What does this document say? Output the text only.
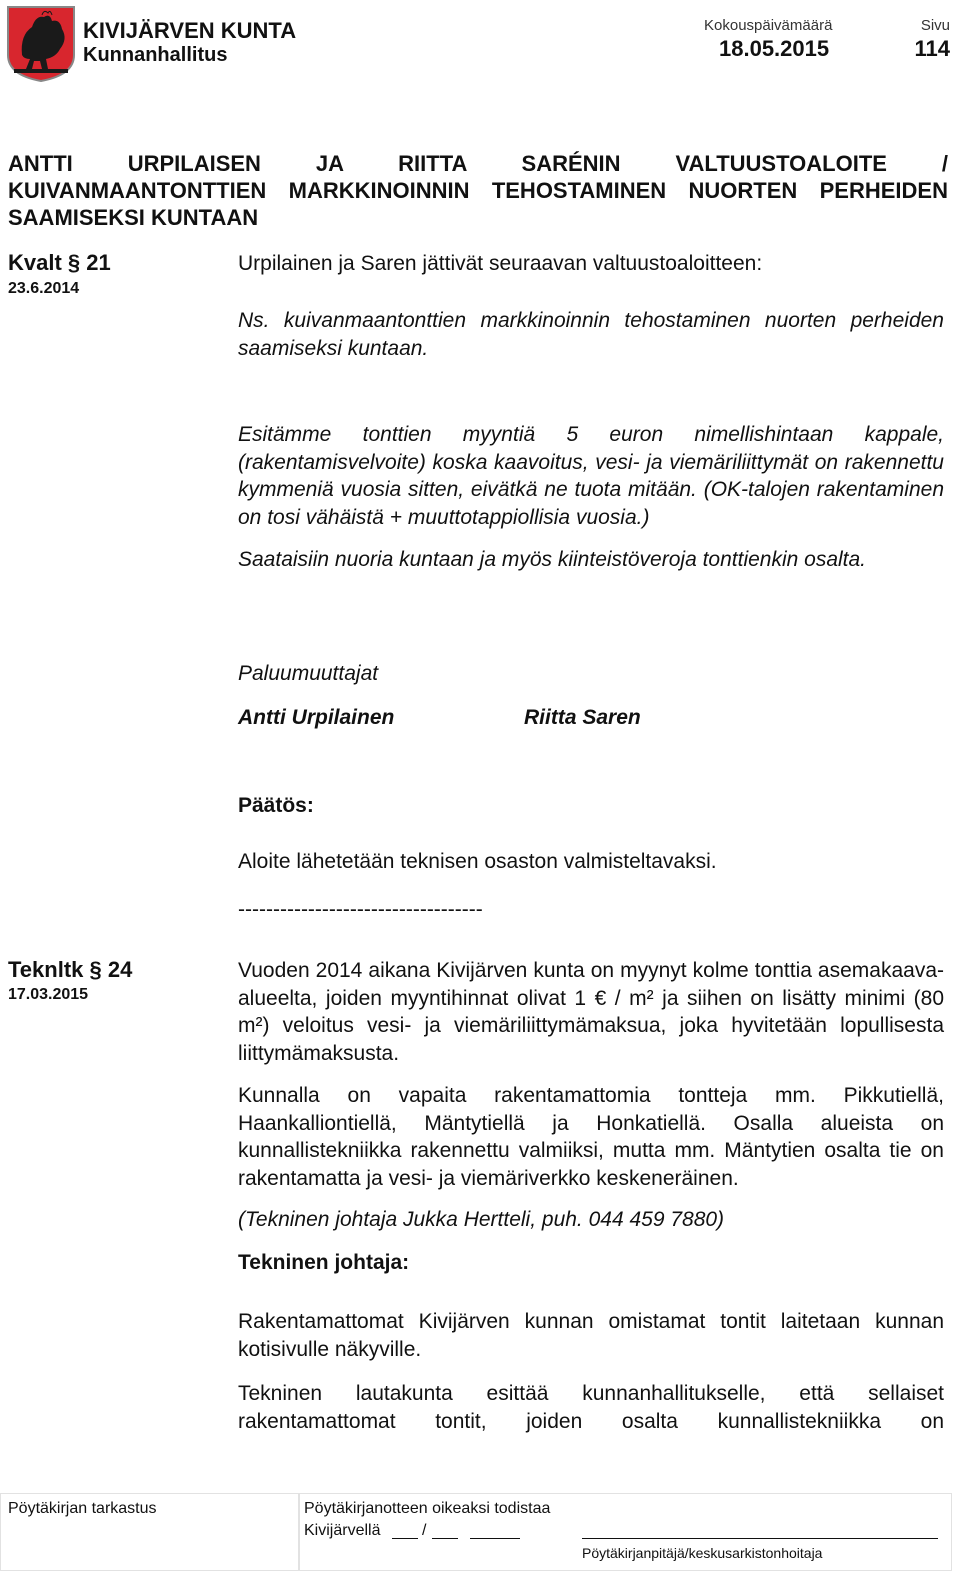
KIVIJÄRVEN KUNTA
Kunnanhallitus
Kokouspäivämäärä
18.05.2015
Sivu
114
ANTTI URPILAISEN JA RIITTA SARÉNIN VALTUUSTOALOITE /
KUIVANMAANTONTTIEN MARKKINOINNIN TEHOSTAMINEN NUORTEN PERHEIDEN
SAAMISEKSI KUNTAAN
Kvalt § 21
23.6.2014

Urpilainen ja Saren jättivät seuraavan valtuustoaloitteen:

Ns. kuivanmaantonttien markkinoinnin tehostaminen nuorten perheiden saamiseksi kuntaan.

Esitämme tonttien myyntiä 5 euron nimellishintaan kappale, (rakentamisvelvoite) koska kaavoitus, vesi- ja viemäriliittymät on rakennettu kymmeniä vuosia sitten, eivätkä ne tuota mitään. (OK-talojen rakentaminen on tosi vähäistä + muuttotappiollisia vuosia.)

Saataisiin nuoria kuntaan ja myös kiinteistöveroja tonttienkin osalta.

Paluumuuttajat
Antti Urpilainen	Riitta Saren
Päätös:
Aloite lähetetään teknisen osaston valmisteltavaksi.
-----------------------------------
Teknltk § 24
17.03.2015

Vuoden 2014 aikana Kivijärven kunta on myynyt kolme tonttia asemakaava-alueelta, joiden myyntihinnat olivat 1 € / m² ja siihen on lisätty minimi (80 m²) veloitus vesi- ja viemäriliittymämaksua, joka hyvitetään lopullisesta liittymämaksusta.

Kunnalla on vapaita rakentamattomia tontteja mm. Pikkutiellä, Haankalliontiellä, Mäntytiellä ja Honkatiellä. Osalla alueista on kunnallistekniikka rakennettu valmiiksi, mutta mm. Mäntytien osalta tie on rakentamatta ja vesi- ja viemäriverkko keskeneräinen.

(Tekninen johtaja Jukka Hertteli, puh. 044 459 7880)
Tekninen johtaja:

Rakentamattomat Kivijärven kunnan omistamat tontit laitetaan kunnan kotisivulle näkyville.

Tekninen lautakunta esittää kunnanhallitukselle, että sellaiset rakentamattomat tontit, joiden osalta kunnallistekniikka on

Pöytäkirjan tarkastus	Pöytäkirjanotteen oikeaksi todistaa
Kivijärvellä	/
Pöytäkirjanpitäjä/keskusarkistonhoitaja
